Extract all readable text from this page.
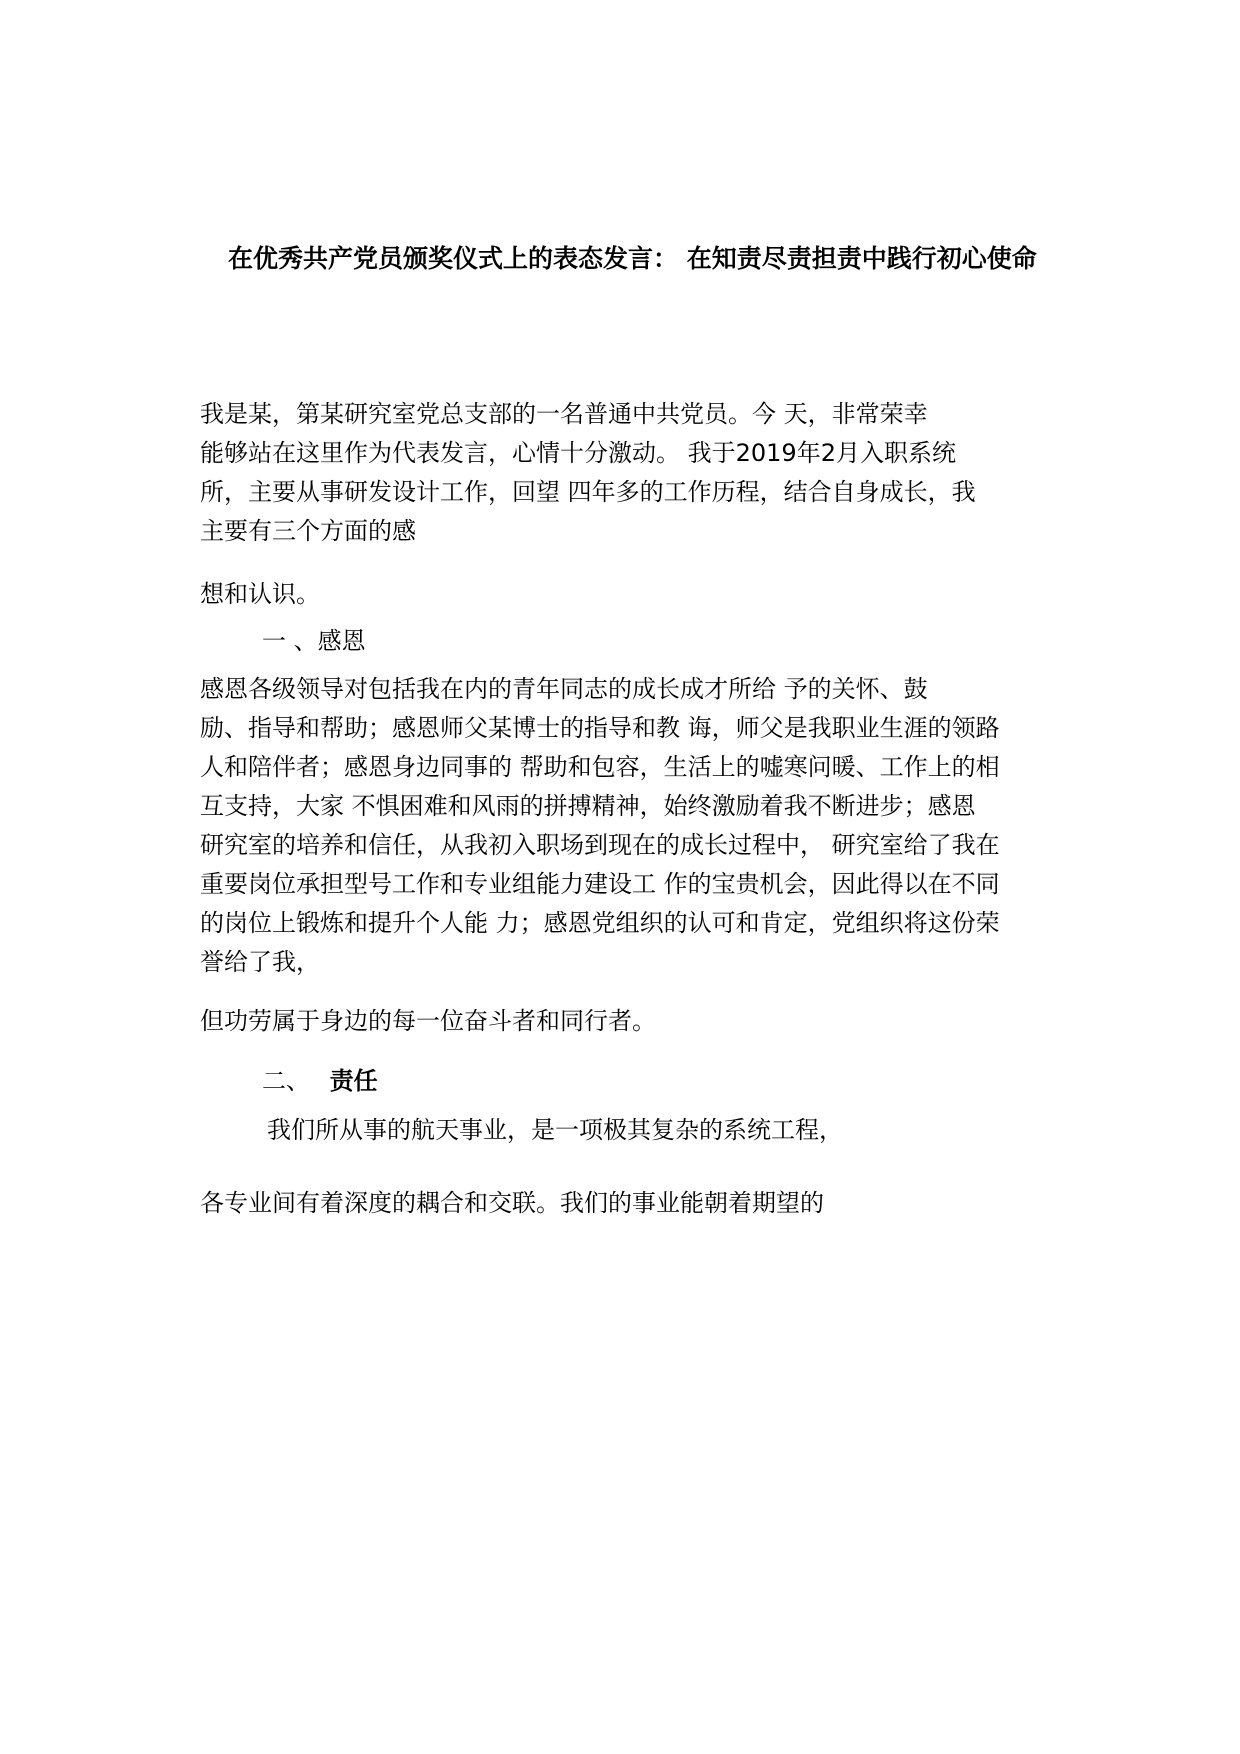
在优秀共产党员颁奖仪式上的表态发言： 在知责尽责担责中践行初心使命
我是某，第某研究室党总支部的一名普通中共党员。今 天，非常荣幸
能够站在这里作为代表发言，心情十分激动。 我于2019年2月入职系统
所，主要从事研发设计工作，回望 四年多的工作历程，结合自身成长，我
主要有三个方面的感
想和认识。
一 、感恩
感恩各级领导对包括我在内的青年同志的成长成才所给 予的关怀、鼓
励、指导和帮助；感恩师父某博士的指导和教 诲，师父是我职业生涯的领路
人和陪伴者；感恩身边同事的 帮助和包容，生活上的嘘寒问暖、工作上的相
互支持，大家 不惧困难和风雨的拼搏精神，始终激励着我不断进步；感恩
研究室的培养和信任，从我初入职场到现在的成长过程中， 研究室给了我在
重要岗位承担型号工作和专业组能力建设工 作的宝贵机会，因此得以在不同
的岗位上锻炼和提升个人能 力；感恩党组织的认可和肯定，党组织将这份荣
誉给了我，
但功劳属于身边的每一位奋斗者和同行者。
二、 责任
我们所从事的航天事业，是一项极其复杂的系统工程，
各专业间有着深度的耦合和交联。我们的事业能朝着期望的
